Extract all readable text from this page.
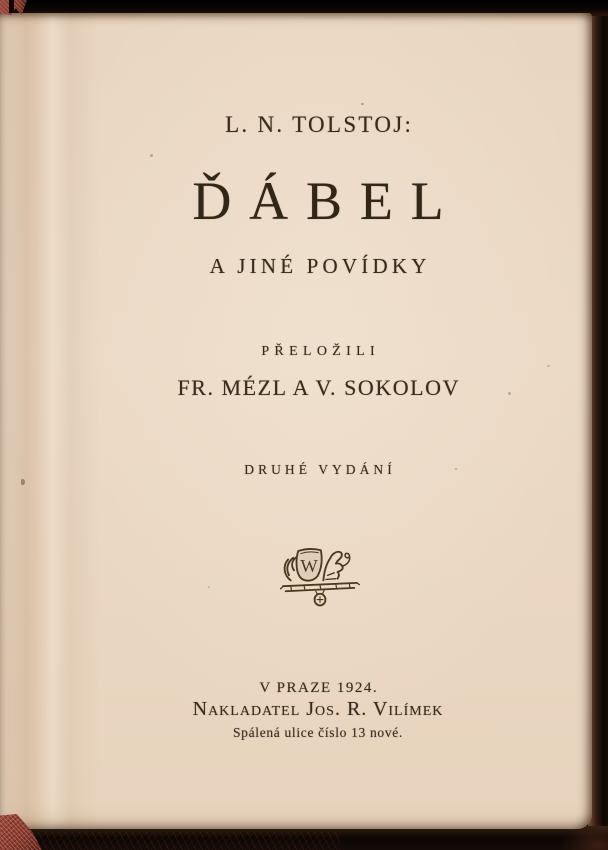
L. N. TOLSTOJ:
ĎÁBEL
A JINÉ POVÍDKY
PŘELOŽILI
FR. MÉZL A V. SOKOLOV
DRUHÉ VYDÁNÍ
W
V PRAZE 1924.
Nakladatel Jos. R. Vilímek
Spálená ulice číslo 13 nové.
